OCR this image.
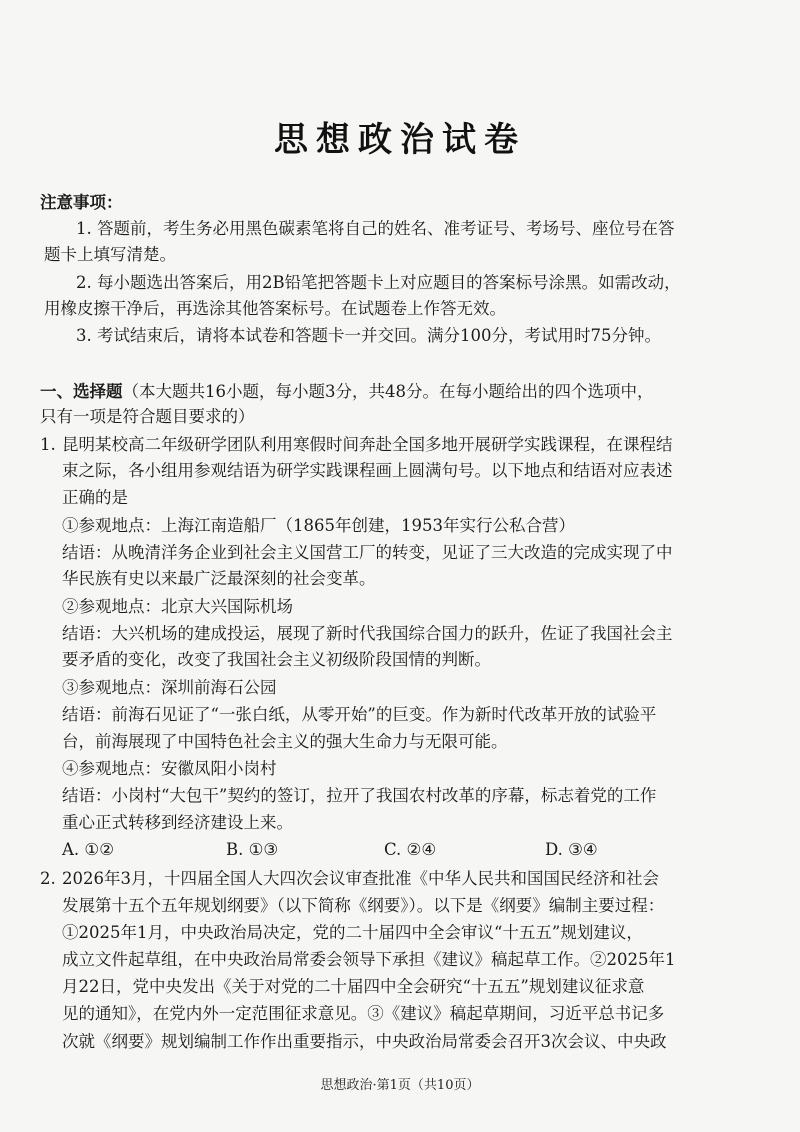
思想政治试卷
注意事项：
1. 答题前，考生务必用黑色碳素笔将自己的姓名、准考证号、考场号、座位号在答
题卡上填写清楚。
2. 每小题选出答案后，用2B铅笔把答题卡上对应题目的答案标号涂黑。如需改动，
用橡皮擦干净后，再选涂其他答案标号。在试题卷上作答无效。
3. 考试结束后，请将本试卷和答题卡一并交回。满分100分，考试用时75分钟。
一、选择题（本大题共16小题，每小题3分，共48分。在每小题给出的四个选项中，
只有一项是符合题目要求的）
1. 昆明某校高二年级研学团队利用寒假时间奔赴全国多地开展研学实践课程，在课程结
束之际，各小组用参观结语为研学实践课程画上圆满句号。以下地点和结语对应表述
正确的是
①参观地点：上海江南造船厂（1865年创建，1953年实行公私合营）
结语：从晚清洋务企业到社会主义国营工厂的转变，见证了三大改造的完成实现了中
华民族有史以来最广泛最深刻的社会变革。
②参观地点：北京大兴国际机场
结语：大兴机场的建成投运，展现了新时代我国综合国力的跃升，佐证了我国社会主
要矛盾的变化，改变了我国社会主义初级阶段国情的判断。
③参观地点：深圳前海石公园
结语：前海石见证了“一张白纸，从零开始”的巨变。作为新时代改革开放的试验平
台，前海展现了中国特色社会主义的强大生命力与无限可能。
④参观地点：安徽凤阳小岗村
结语：小岗村“大包干”契约的签订，拉开了我国农村改革的序幕，标志着党的工作
重心正式转移到经济建设上来。
A. ①②	B. ①③	C. ②④	D. ③④
2. 2026年3月，十四届全国人大四次会议审查批准《中华人民共和国国民经济和社会
发展第十五个五年规划纲要》（以下简称《纲要》）。以下是《纲要》编制主要过程：
①2025年1月，中央政治局决定，党的二十届四中全会审议“十五五”规划建议，
成立文件起草组，在中央政治局常委会领导下承担《建议》稿起草工作。②2025年1
月22日，党中央发出《关于对党的二十届四中全会研究“十五五”规划建议征求意
见的通知》，在党内外一定范围征求意见。③《建议》稿起草期间，习近平总书记多
次就《纲要》规划编制工作作出重要指示，中央政治局常委会召开3次会议、中央政
思想政治·第1页（共10页）
